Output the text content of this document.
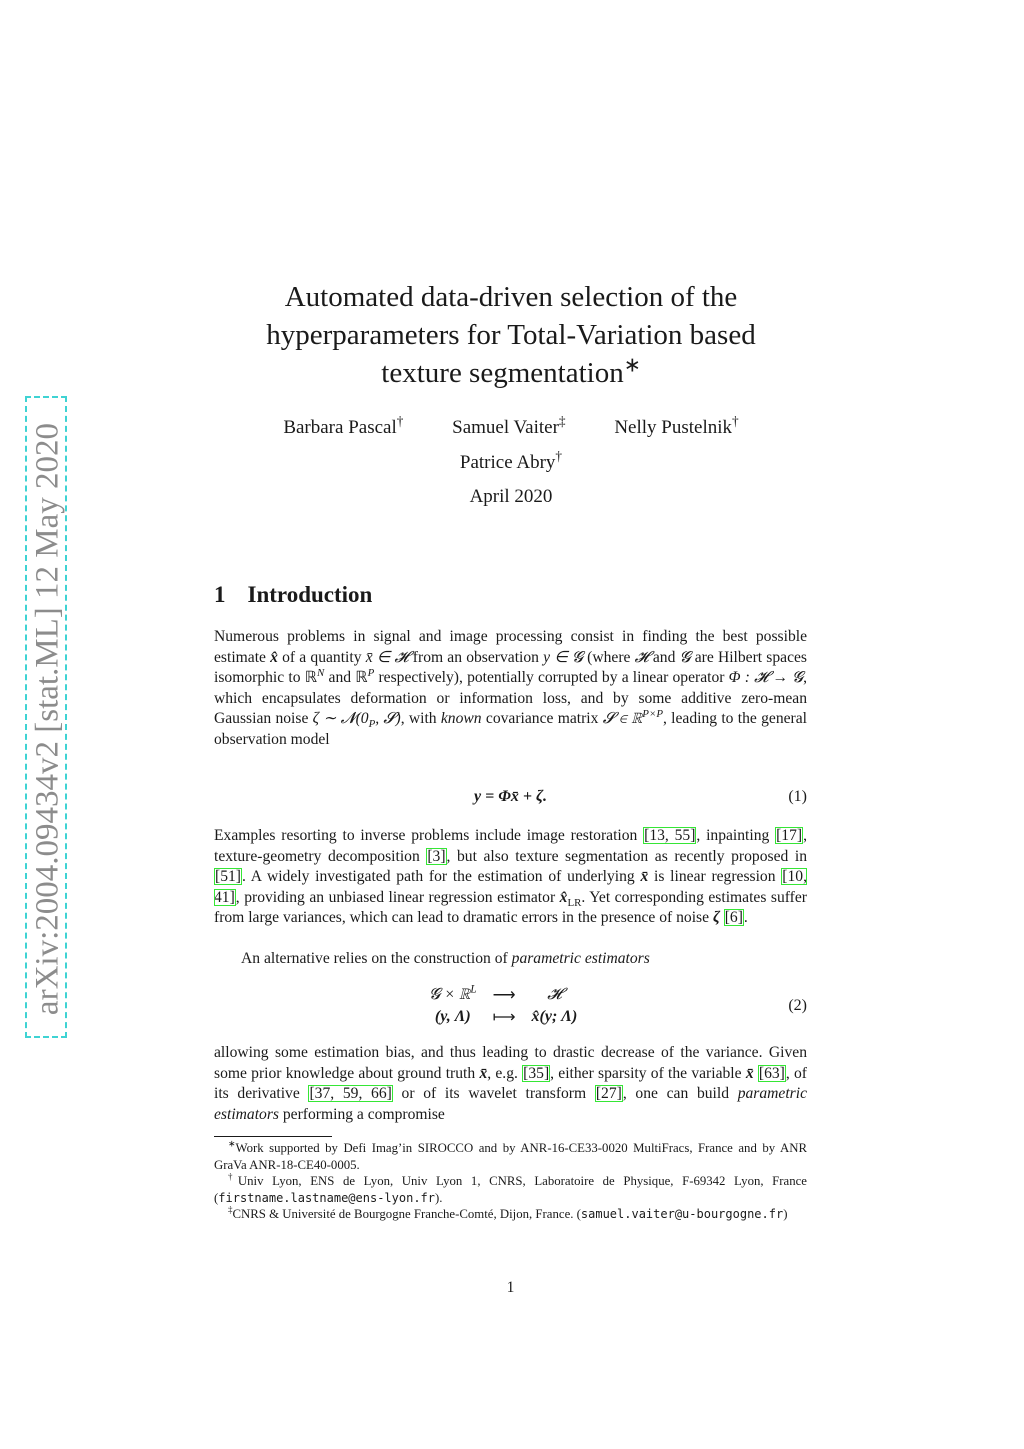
arXiv:2004.09434v2 [stat.ML] 12 May 2020
Automated data-driven selection of the
hyperparameters for Total-Variation based
texture segmentation∗
Barbara Pascal†	Samuel Vaiter‡	Nelly Pustelnik†
Patrice Abry†
April 2020
1 Introduction
Numerous problems in signal and image processing consist in finding the best possible estimate x̂ of a quantity x̄ ∈ 𝓗 from an observation y ∈ 𝓖 (where 𝓗 and 𝓖 are Hilbert spaces isomorphic to ℝ$^N$ and ℝ$^P$ respectively), potentially corrupted by a linear operator Φ : 𝓗 → 𝓖, which encapsulates deformation or information loss, and by some additive zero-mean Gaussian noise ζ ∼ $𝓝(0_P$, 𝓢), with known covariance matrix 𝓢 ∈ ℝ$^{P\times P}$, leading to the general observation model
y = Φx̄ + ζ.	(1)
Examples resorting to inverse problems include image restoration [13, 55], inpainting [17], texture-geometry decomposition [3], but also texture segmentation as recently proposed in [51]. A widely investigated path for the estimation of underlying x̄ is linear regression [10, 41], providing an unbiased linear regression estimator $x̂_{LR}$. Yet corresponding estimates suffer from large variances, which can lead to dramatic errors in the presence of noise ζ [6].
An alternative relies on the construction of parametric estimators
𝓖 × ℝ$^L$	⟶	𝓗
(y, Λ)	⟼	x̂(y; Λ)
(2)
allowing some estimation bias, and thus leading to drastic decrease of the variance. Given some prior knowledge about ground truth x̄, e.g. [35], either sparsity of the variable x̄ [63], of its derivative [37, 59, 66] or of its wavelet transform [27], one can build parametric estimators performing a compromise
∗Work supported by Defi Imag’in SIROCCO and by ANR-16-CE33-0020 MultiFracs, France and by ANR GraVa ANR-18-CE40-0005.
†Univ Lyon, ENS de Lyon, Univ Lyon 1, CNRS, Laboratoire de Physique, F-69342 Lyon, France (firstname.lastname@ens-lyon.fr).
‡CNRS & Université de Bourgogne Franche-Comté, Dijon, France. (samuel.vaiter@u-bourgogne.fr)
1
